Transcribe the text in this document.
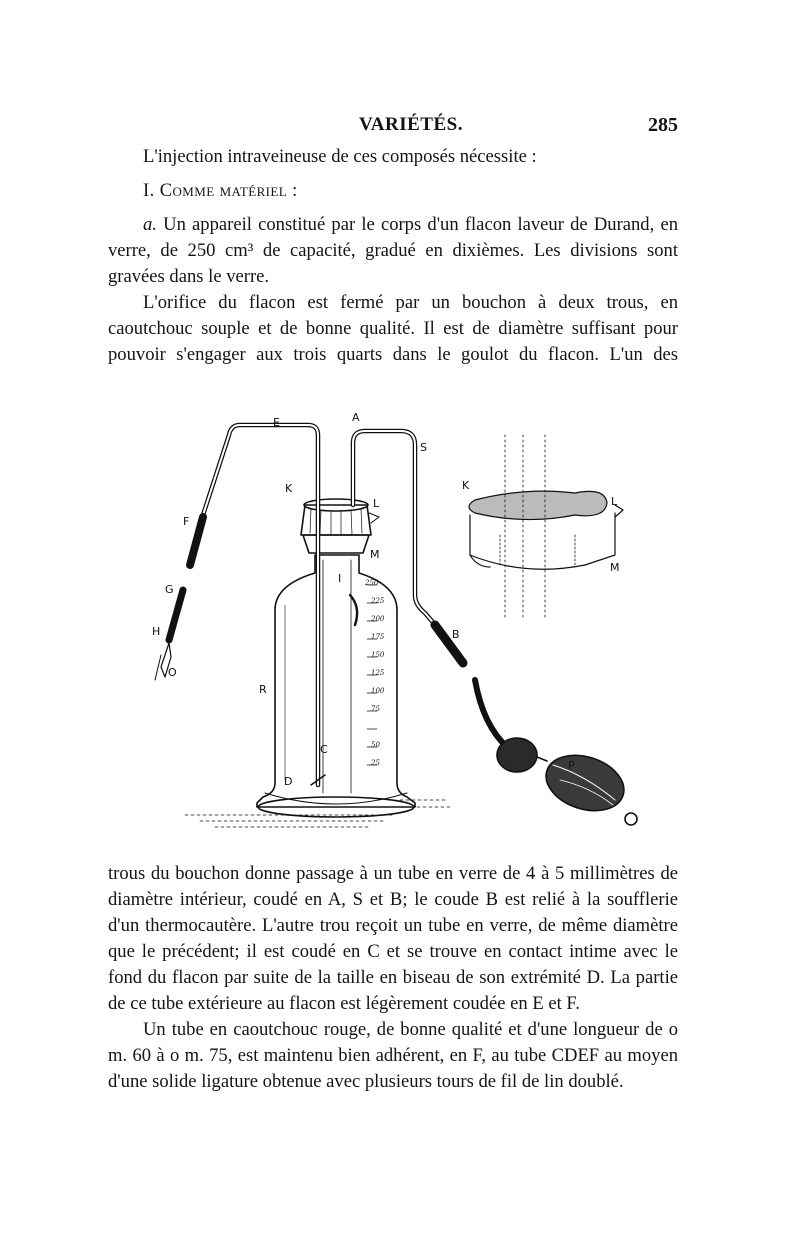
VARIÉTÉS.	285

L'injection intraveineuse de ces composés nécessite :

I. Comme matériel :

a. Un appareil constitué par le corps d'un flacon laveur de Durand, en verre, de 250 cm³ de capacité, gradué en dixièmes. Les divisions sont gravées dans le verre.

L'orifice du flacon est fermé par un bouchon à deux trous, en caoutchouc souple et de bonne qualité. Il est de diamètre suffisant pour pouvoir s'engager aux trois quarts dans le goulot du flacon. L'un des

E	A
S
K
L
M
F
G
H
O
I
R
C
D
B
P
K
L
M
250
225
200
175
150
125
100
75
50
25

trous du bouchon donne passage à un tube en verre de 4 à 5 millimètres de diamètre intérieur, coudé en A, S et B; le coude B est relié à la soufflerie d'un thermocautère. L'autre trou reçoit un tube en verre, de même diamètre que le précédent; il est coudé en C et se trouve en contact intime avec le fond du flacon par suite de la taille en biseau de son extrémité D. La partie de ce tube extérieure au flacon est légèrement coudée en E et F.

Un tube en caoutchouc rouge, de bonne qualité et d'une longueur de o m. 60 à o m. 75, est maintenu bien adhérent, en F, au tube CDEF au moyen d'une solide ligature obtenue avec plusieurs tours de fil de lin doublé.
